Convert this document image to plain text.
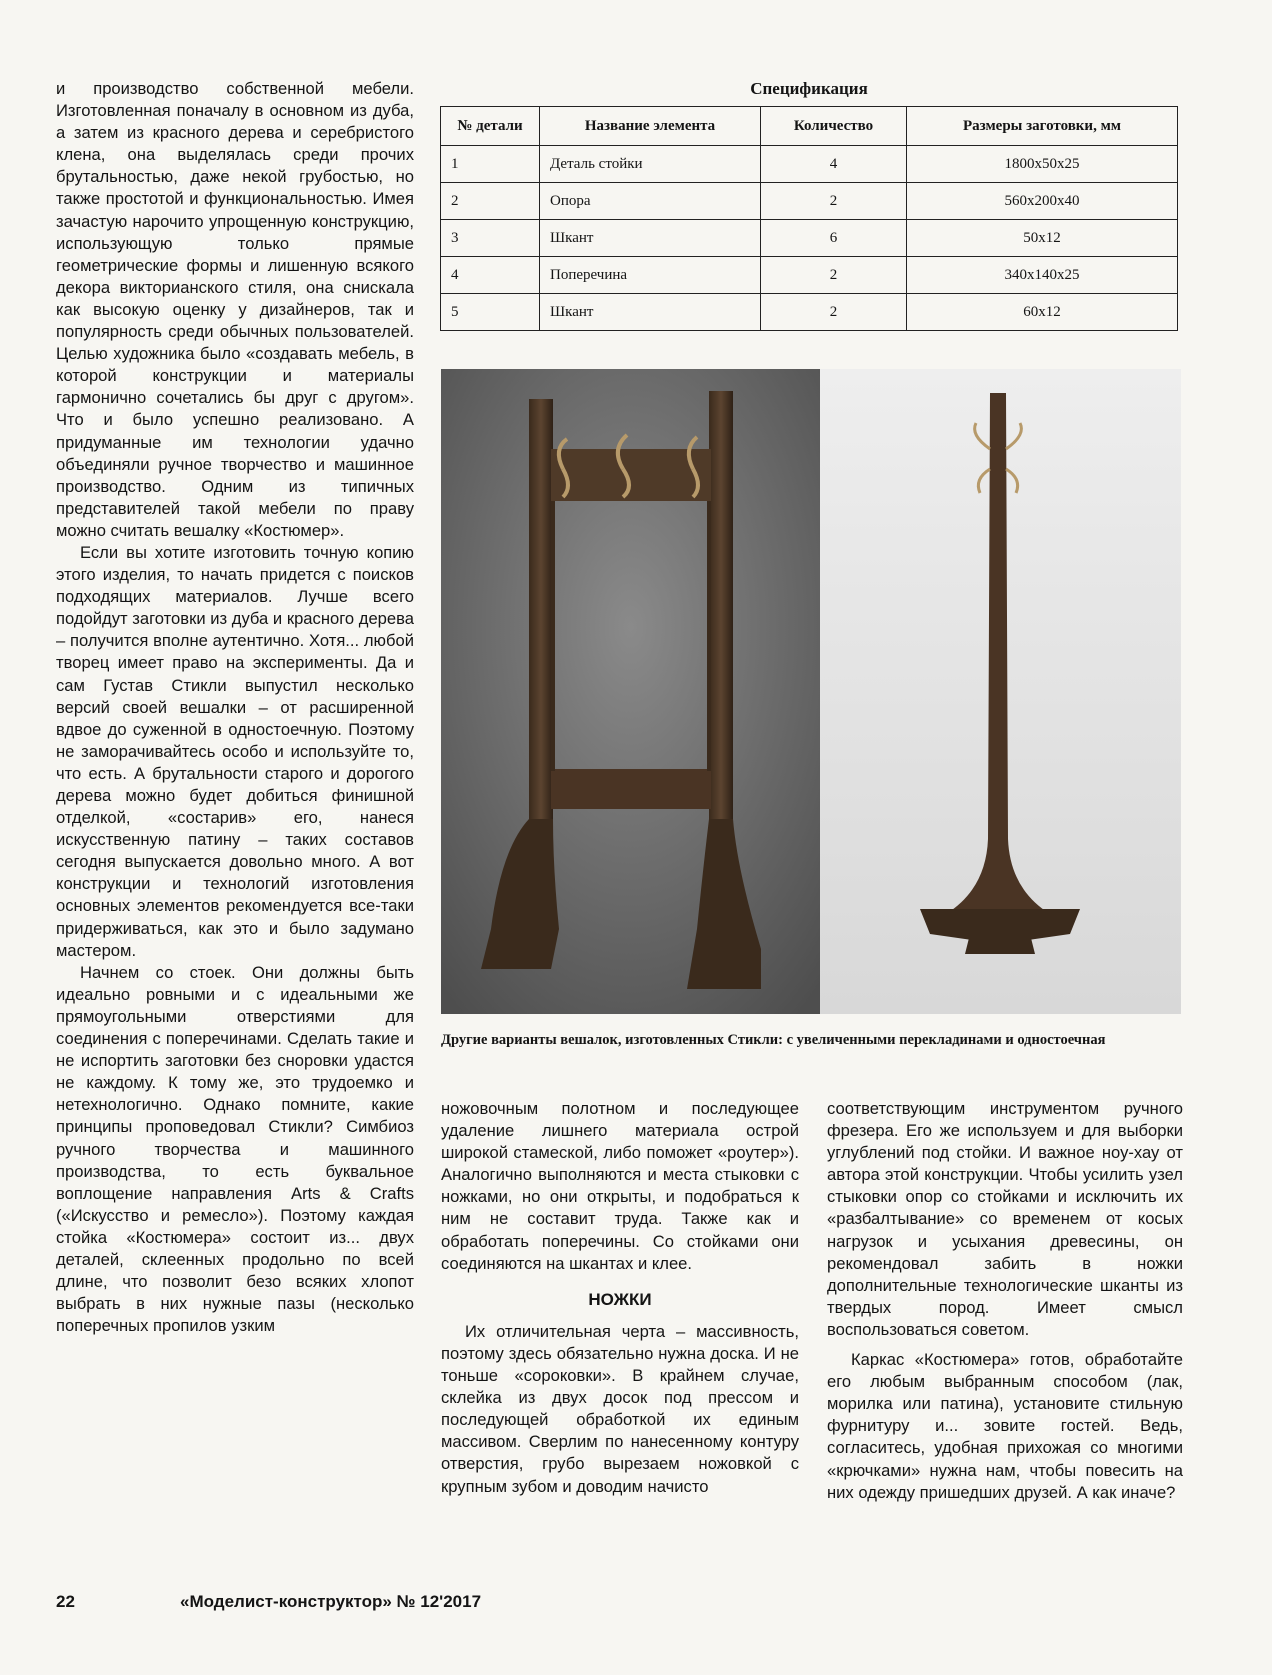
и производство собственной мебели. Изготовленная поначалу в основном из дуба, а затем из красного дерева и серебристого клена, она выделялась среди прочих брутальностью, даже некой грубостью, но также простотой и функциональностью. Имея зачастую нарочито упрощенную конструкцию, использующую только прямые геометрические формы и лишенную всякого декора викторианского стиля, она снискала как высокую оценку у дизайнеров, так и популярность среди обычных пользователей. Целью художника было «создавать мебель, в которой конструкции и материалы гармонично сочетались бы друг с другом». Что и было успешно реализовано. А придуманные им технологии удачно объединяли ручное творчество и машинное производство. Одним из типичных представителей такой мебели по праву можно считать вешалку «Костюмер».

Если вы хотите изготовить точную копию этого изделия, то начать придется с поисков подходящих материалов. Лучше всего подойдут заготовки из дуба и красного дерева – получится вполне аутентично. Хотя... любой творец имеет право на эксперименты. Да и сам Густав Стикли выпустил несколько версий своей вешалки – от расширенной вдвое до суженной в одностоечную. Поэтому не заморачивайтесь особо и используйте то, что есть. А брутальности старого и дорогого дерева можно будет добиться финишной отделкой, «состарив» его, нанеся искусственную патину – таких составов сегодня выпускается довольно много. А вот конструкции и технологий изготовления основных элементов рекомендуется все-таки придерживаться, как это и было задумано мастером.

Начнем со стоек. Они должны быть идеально ровными и с идеальными же прямоугольными отверстиями для соединения с поперечинами. Сделать такие и не испортить заготовки без сноровки удастся не каждому. К тому же, это трудоемко и нетехнологично. Однако помните, какие принципы проповедовал Стикли? Симбиоз ручного творчества и машинного производства, то есть буквальное воплощение направления Arts & Crafts («Искусство и ремесло»). Поэтому каждая стойка «Костюмера» состоит из... двух деталей, склеенных продольно по всей длине, что позволит безо всяких хлопот выбрать в них нужные пазы (несколько поперечных пропилов узким

Спецификация
№ детали	Название элемента	Количество	Размеры заготовки, мм
1	Деталь стойки	4	1800x50x25
2	Опора	2	560x200x40
3	Шкант	6	50x12
4	Поперечина	2	340x140x25
5	Шкант	2	60x12
Другие варианты вешалок, изготовленных Стикли: с увеличенными перекладинами и одностоечная

ножовочным полотном и последующее удаление лишнего материала острой широкой стамеской, либо поможет «роутер»). Аналогично выполняются и места стыковки с ножками, но они открыты, и подобраться к ним не составит труда. Также как и обработать поперечины. Со стойками они соединяются на шкантах и клее.

НОЖКИ

Их отличительная черта – массивность, поэтому здесь обязательно нужна доска. И не тоньше «сороковки». В крайнем случае, склейка из двух досок под прессом и последующей обработкой их единым массивом. Сверлим по нанесенному контуру отверстия, грубо вырезаем ножовкой с крупным зубом и доводим начисто

соответствующим инструментом ручного фрезера. Его же используем и для выборки углублений под стойки. И важное ноу-хау от автора этой конструкции. Чтобы усилить узел стыковки опор со стойками и исключить их «разбалтывание» со временем от косых нагрузок и усыхания древесины, он рекомендовал забить в ножки дополнительные технологические шканты из твердых пород. Имеет смысл воспользоваться советом.

Каркас «Костюмера» готов, обработайте его любым выбранным способом (лак, морилка или патина), установите стильную фурнитуру и... зовите гостей. Ведь, согласитесь, удобная прихожая со многими «крючками» нужна нам, чтобы повесить на них одежду пришедших друзей. А как иначе?

22	«Моделист-конструктор» № 12'2017
